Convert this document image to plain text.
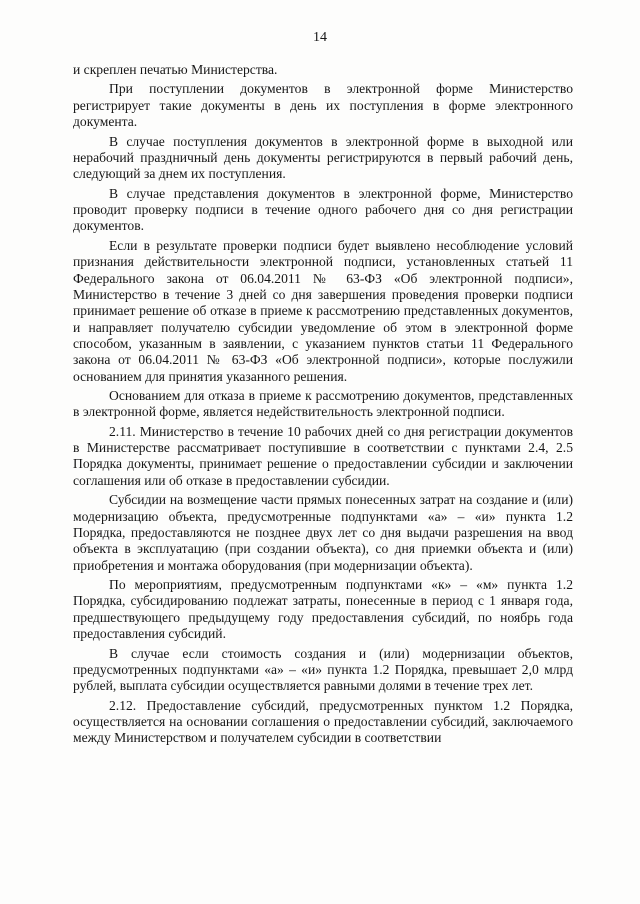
14

и скреплен печатью Министерства.

При поступлении документов в электронной форме Министерство регистрирует такие документы в день их поступления в форме электронного документа.

В случае поступления документов в электронной форме в выходной или нерабочий праздничный день документы регистрируются в первый рабочий день, следующий за днем их поступления.

В случае представления документов в электронной форме, Министерство проводит проверку подписи в течение одного рабочего дня со дня регистрации документов.

Если в результате проверки подписи будет выявлено несоблюдение условий признания действительности электронной подписи, установленных статьей 11 Федерального закона от 06.04.2011 № 63-ФЗ «Об электронной подписи», Министерство в течение 3 дней со дня завершения проведения проверки подписи принимает решение об отказе в приеме к рассмотрению представленных документов, и направляет получателю субсидии уведомление об этом в электронной форме способом, указанным в заявлении, с указанием пунктов статьи 11 Федерального закона от 06.04.2011 № 63-ФЗ «Об электронной подписи», которые послужили основанием для принятия указанного решения.

Основанием для отказа в приеме к рассмотрению документов, представленных в электронной форме, является недействительность электронной подписи.

2.11. Министерство в течение 10 рабочих дней со дня регистрации документов в Министерстве рассматривает поступившие в соответствии с пунктами 2.4, 2.5 Порядка документы, принимает решение о предоставлении субсидии и заключении соглашения или об отказе в предоставлении субсидии.

Субсидии на возмещение части прямых понесенных затрат на создание и (или) модернизацию объекта, предусмотренные подпунктами «а» – «и» пункта 1.2 Порядка, предоставляются не позднее двух лет со дня выдачи разрешения на ввод объекта в эксплуатацию (при создании объекта), со дня приемки объекта и (или) приобретения и монтажа оборудования (при модернизации объекта).

По мероприятиям, предусмотренным подпунктами «к» – «м» пункта 1.2 Порядка, субсидированию подлежат затраты, понесенные в период с 1 января года, предшествующего предыдущему году предоставления субсидий, по ноябрь года предоставления субсидий.

В случае если стоимость создания и (или) модернизации объектов, предусмотренных подпунктами «а» – «и» пункта 1.2 Порядка, превышает 2,0 млрд рублей, выплата субсидии осуществляется равными долями в течение трех лет.

2.12. Предоставление субсидий, предусмотренных пунктом 1.2 Порядка, осуществляется на основании соглашения о предоставлении субсидий, заключаемого между Министерством и получателем субсидии в соответствии
